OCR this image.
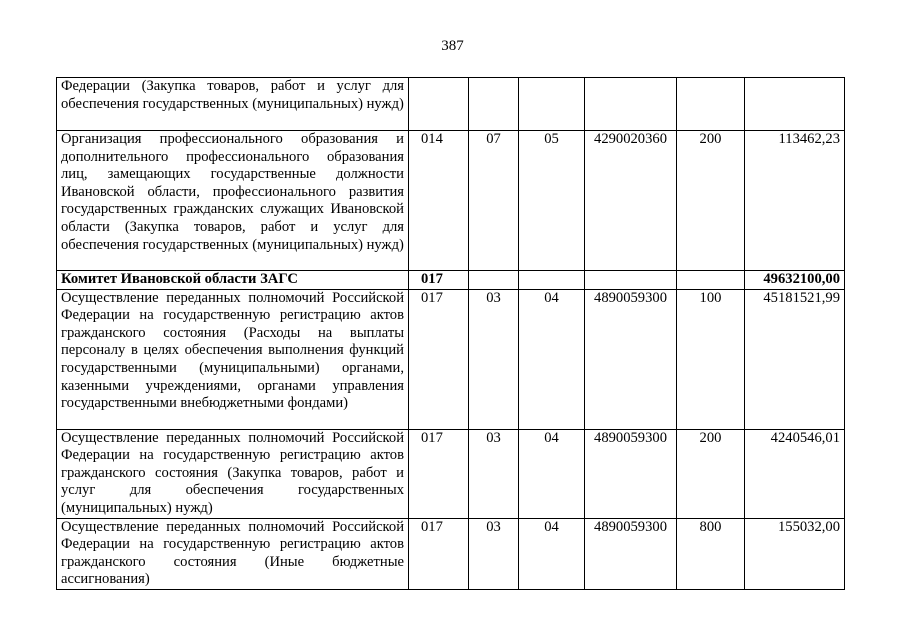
387
Федерации (Закупка товаров, работ и услуг для обеспечения государственных (муниципальных) нужд)						
Организация профессионального образования и дополнительного профессионального образования лиц, замещающих государственные должности Ивановской области, профессионального развития государственных гражданских служащих Ивановской области (Закупка товаров, работ и услуг для обеспечения государственных (муниципальных) нужд)	014	07	05	4290020360	200	113462,23
Комитет Ивановской области ЗАГС	017					49632100,00
Осуществление переданных полномочий Российской Федерации на государственную регистрацию актов гражданского состояния (Расходы на выплаты персоналу в целях обеспечения выполнения функций государственными (муниципальными) органами, казенными учреждениями, органами управления государственными внебюджетными фондами)	017	03	04	4890059300	100	45181521,99
Осуществление переданных полномочий Российской Федерации на государственную регистрацию актов гражданского состояния (Закупка товаров, работ и услуг для обеспечения государственных (муниципальных) нужд)	017	03	04	4890059300	200	4240546,01
Осуществление переданных полномочий Российской Федерации на государственную регистрацию актов гражданского состояния (Иные бюджетные ассигнования)	017	03	04	4890059300	800	155032,00
